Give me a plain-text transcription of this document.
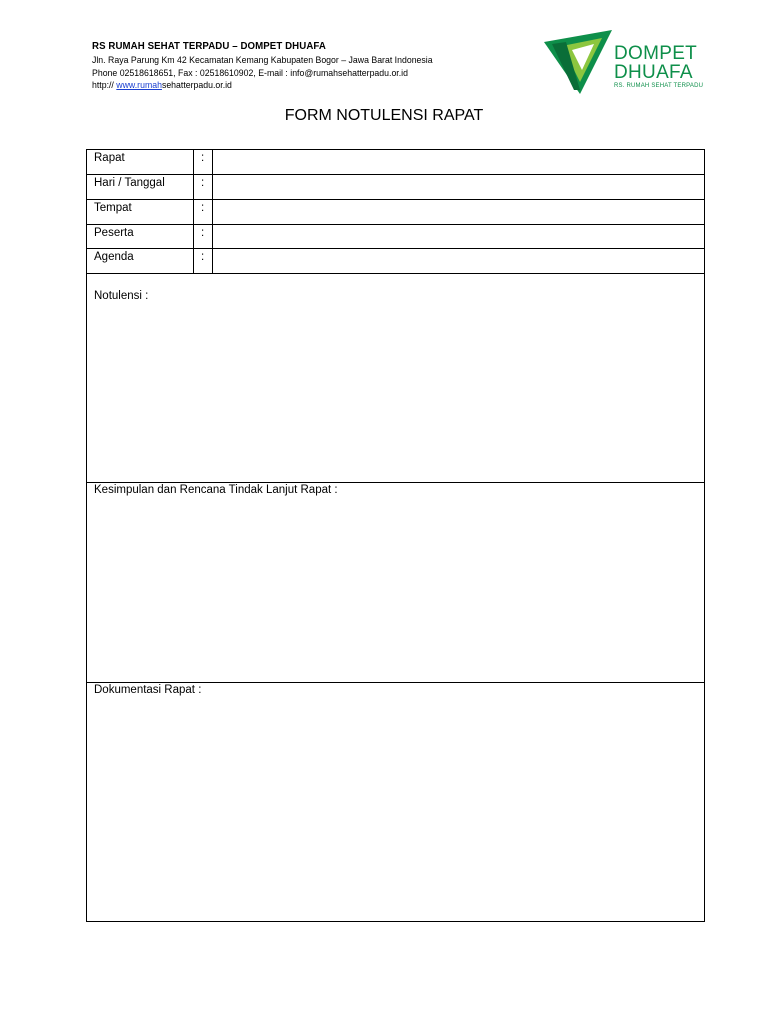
RS RUMAH SEHAT TERPADU – DOMPET DHUAFA
Jln. Raya Parung Km 42 Kecamatan Kemang Kabupaten Bogor – Jawa Barat Indonesia
Phone 02518618651, Fax : 02518610902, E-mail : info@rumahsehatterpadu.or.id
http:// www.rumahsehatterpadu.or.id
DOMPET
DHUAFA
RS. RUMAH SEHAT TERPADU
FORM NOTULENSI RAPAT
Rapat	:
Hari / Tanggal	:
Tempat	:
Peserta	:
Agenda	:
Notulensi :
Kesimpulan dan Rencana Tindak Lanjut Rapat :
Dokumentasi Rapat :
